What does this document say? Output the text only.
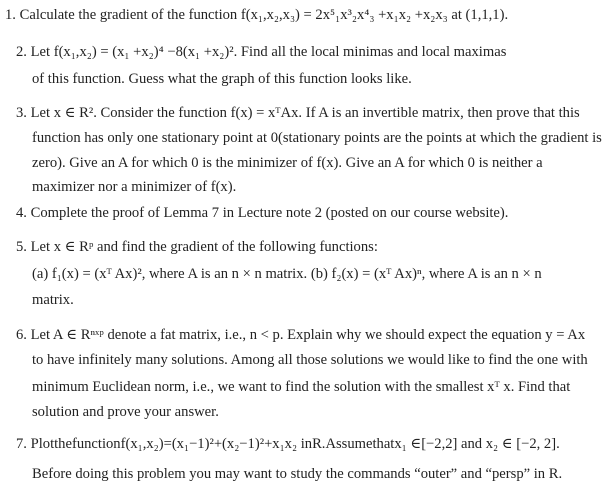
1. Calculate the gradient of the function f(x₁,x₂,x₃) = 2x⁵₁x³₂x⁴₃ +x₁x₂ +x₂x₃ at (1,1,1).
2. Let f(x₁,x₂) = (x₁ +x₂)⁴ −8(x₁ +x₂)². Find all the local minimas and local maximas
of this function. Guess what the graph of this function looks like.
3. Let x ∈ R². Consider the function f(x) = xᵀAx. If A is an invertible matrix, then prove that this
function has only one stationary point at 0(stationary points are the points at which the gradient is
zero). Give an A for which 0 is the minimizer of f(x). Give an A for which 0 is neither a
maximizer nor a minimizer of f(x).
4. Complete the proof of Lemma 7 in Lecture note 2 (posted on our course website).
5. Let x ∈ Rᵖ and find the gradient of the following functions:
(a) f₁(x) = (xᵀ Ax)², where A is an n × n matrix. (b) f₂(x) = (xᵀ Ax)ⁿ, where A is an n × n
matrix.
6. Let A ∈ Rⁿˣᵖ denote a fat matrix, i.e., n < p. Explain why we should expect the equation y = Ax
to have infinitely many solutions. Among all those solutions we would like to find the one with
minimum Euclidean norm, i.e., we want to find the solution with the smallest xᵀ x. Find that
solution and prove your answer.
7. Plotthefunctionf(x₁,x₂)=(x₁−1)²+(x₂−1)²+x₁x₂ inR.Assumethatx₁ ∈[−2,2] and x₂ ∈ [−2, 2].
Before doing this problem you may want to study the commands “outer” and “persp” in R.
